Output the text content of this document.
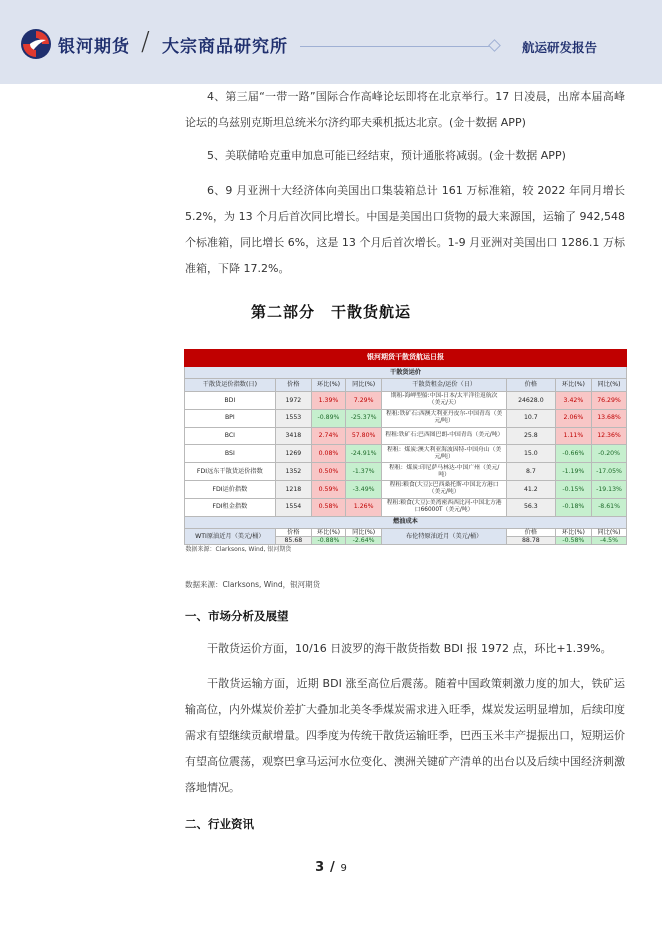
银河期货 / 大宗商品研究所	航运研发报告
4、第三届“一带一路”国际合作高峰论坛即将在北京举行。17 日凌晨，出席本届高峰论坛的乌兹别克斯坦总统米尔济约耶夫乘机抵达北京。(金十数据 APP)
5、美联储哈克重申加息可能已经结束，预计通胀将减弱。(金十数据 APP)
6、9 月亚洲十大经济体向美国出口集装箱总计 161 万标准箱，较 2022 年同月增长 5.2%，为 13 个月后首次同比增长。中国是美国出口货物的最大来源国，运输了 942,548 个标准箱，同比增长 6%，这是 13 个月后首次增长。1-9 月亚洲对美国出口 1286.1 万标准箱，下降 17.2%。
第二部分　干散货航运
银河期货干散货航运日报							
干散货运价							
干散货运价指数(日)	价格	环比(%)	同比(%)	干散货租金/运价（日）	价格	环比(%)	同比(%)
BDI	1972	1.39%	7.29%	期租-海岬型船:中国-日本/太平洋往返航次（美元/天）	24628.0	3.42%	76.29%
BPI	1553	-0.89%	-25.37%	程租:铁矿石:西澳大利亚丹皮尔-中国青岛（美元/吨）	10.7	2.06%	13.68%
BCI	3418	2.74%	57.80%	程租:铁矿石:巴西图巴朗-中国青岛（美元/吨）	25.8	1.11%	12.36%
BSI	1269	0.08%	-24.91%	程租：煤炭:澳大利亚海波因特-中国舟山（美元/吨）	15.0	-0.66%	-0.20%
FDI远东干散货运价指数	1352	0.50%	-1.37%	程租：煤炭:印尼萨马林达-中国广州（美元/吨）	8.7	-1.19%	-17.05%
FDI运价指数	1218	0.59%	-3.49%	程租:粮食(大豆):巴西桑托斯-中国北方港口（美元/吨）	41.2	-0.15%	-19.13%
FDI租金指数	1554	0.58%	1.26%	程租:粮食(大豆):美湾密西西比河-中国北方港口66000T（美元/吨）	56.3	-0.18%	-8.61%
燃油成本							
WTI原油近月（美元/桶）	价格	环比(%)	同比(%)	布伦特原油近月（美元/桶）	价格	环比(%)	同比(%)
	85.68	-0.88%	-2.64%		88.78	-0.58%	-4.5%
数据来源：Clarksons, Wind, 银河期货							
数据来源：Clarksons, Wind，银河期货
一、市场分析及展望
干散货运价方面，10/16 日波罗的海干散货指数 BDI 报 1972 点，环比+1.39%。
干散货运输方面，近期 BDI 涨至高位后震荡。随着中国政策刺激力度的加大，铁矿运输高位，内外煤炭价差扩大叠加北美冬季煤炭需求进入旺季，煤炭发运明显增加，后续印度需求有望继续贡献增量。四季度为传统干散货运输旺季，巴西玉米丰产提振出口，短期运价有望高位震荡，观察巴拿马运河水位变化、澳洲关键矿产清单的出台以及后续中国经济刺激落地情况。
二、行业资讯
3 / 9
